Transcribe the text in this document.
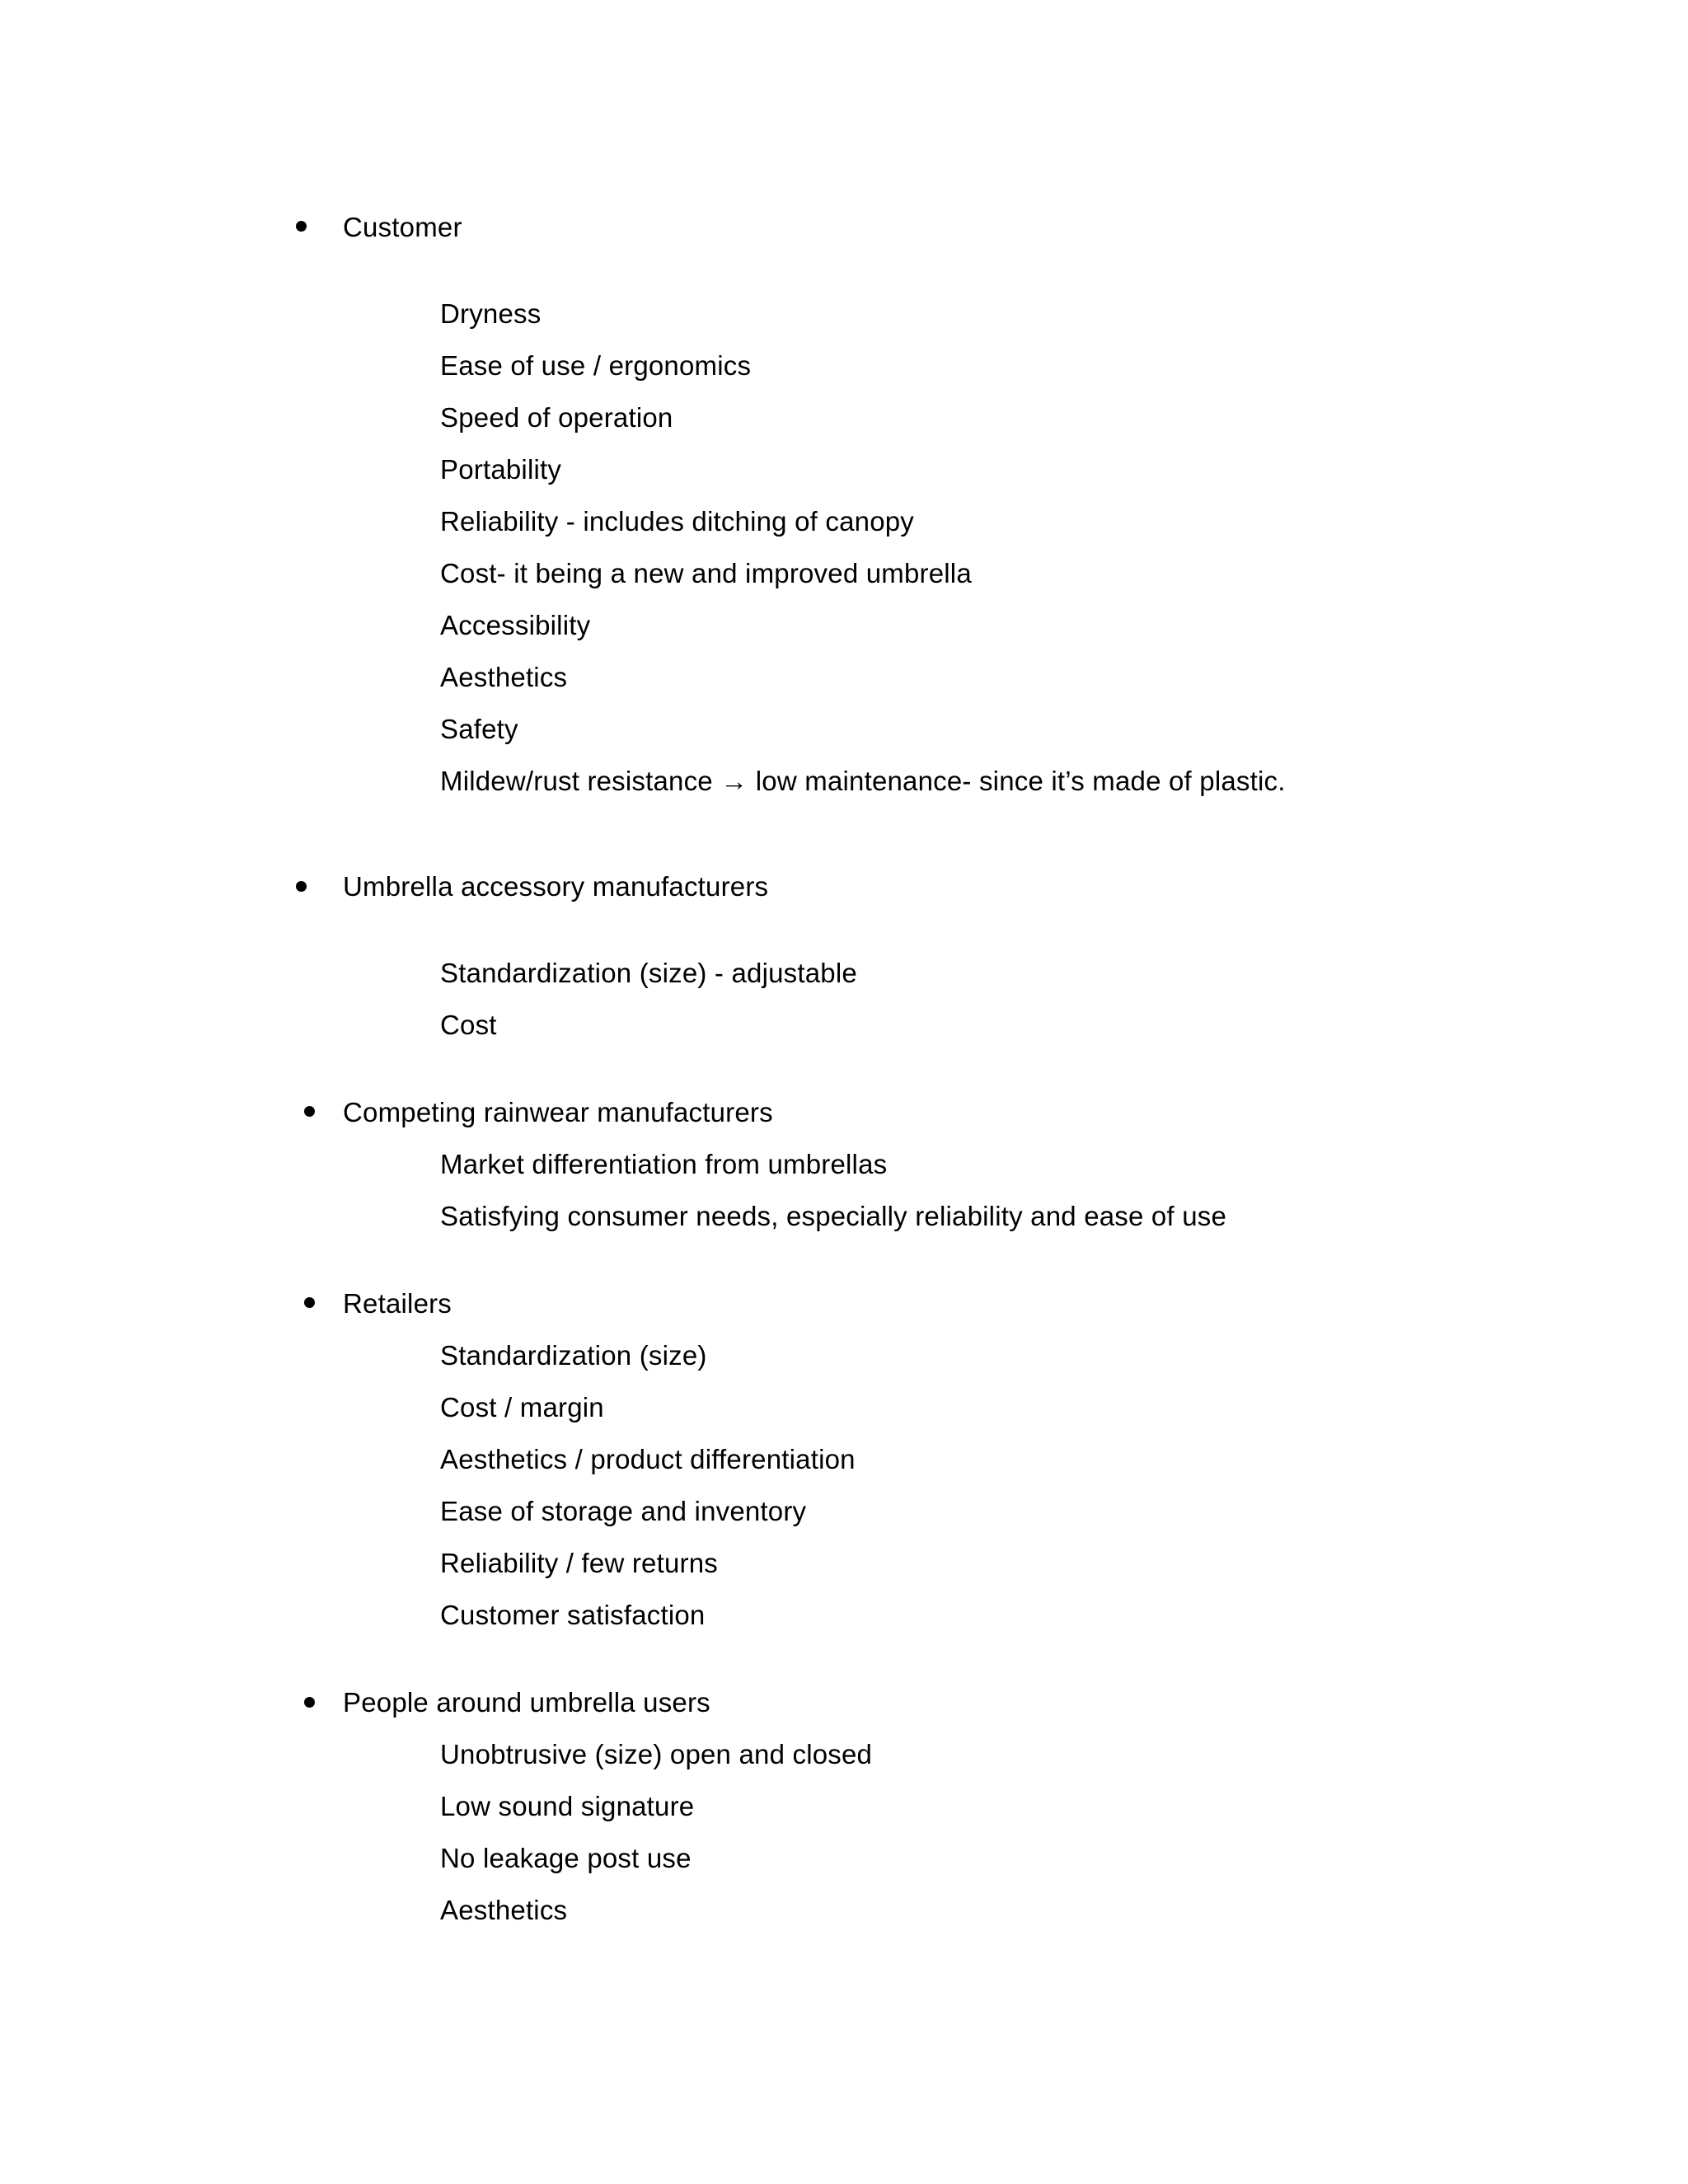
Customer
Dryness
Ease of use / ergonomics
Speed of operation
Portability
Reliability - includes ditching of canopy
Cost- it being a new and improved umbrella
Accessibility
Aesthetics
Safety
Mildew/rust resistance → low maintenance- since it’s made of plastic.
Umbrella accessory manufacturers
Standardization (size) - adjustable
Cost
Competing rainwear manufacturers
Market differentiation from umbrellas
Satisfying consumer needs, especially reliability and ease of use
Retailers
Standardization (size)
Cost / margin
Aesthetics / product differentiation
Ease of storage and inventory
Reliability / few returns
Customer satisfaction
People around umbrella users
Unobtrusive (size) open and closed
Low sound signature
No leakage post use
Aesthetics
